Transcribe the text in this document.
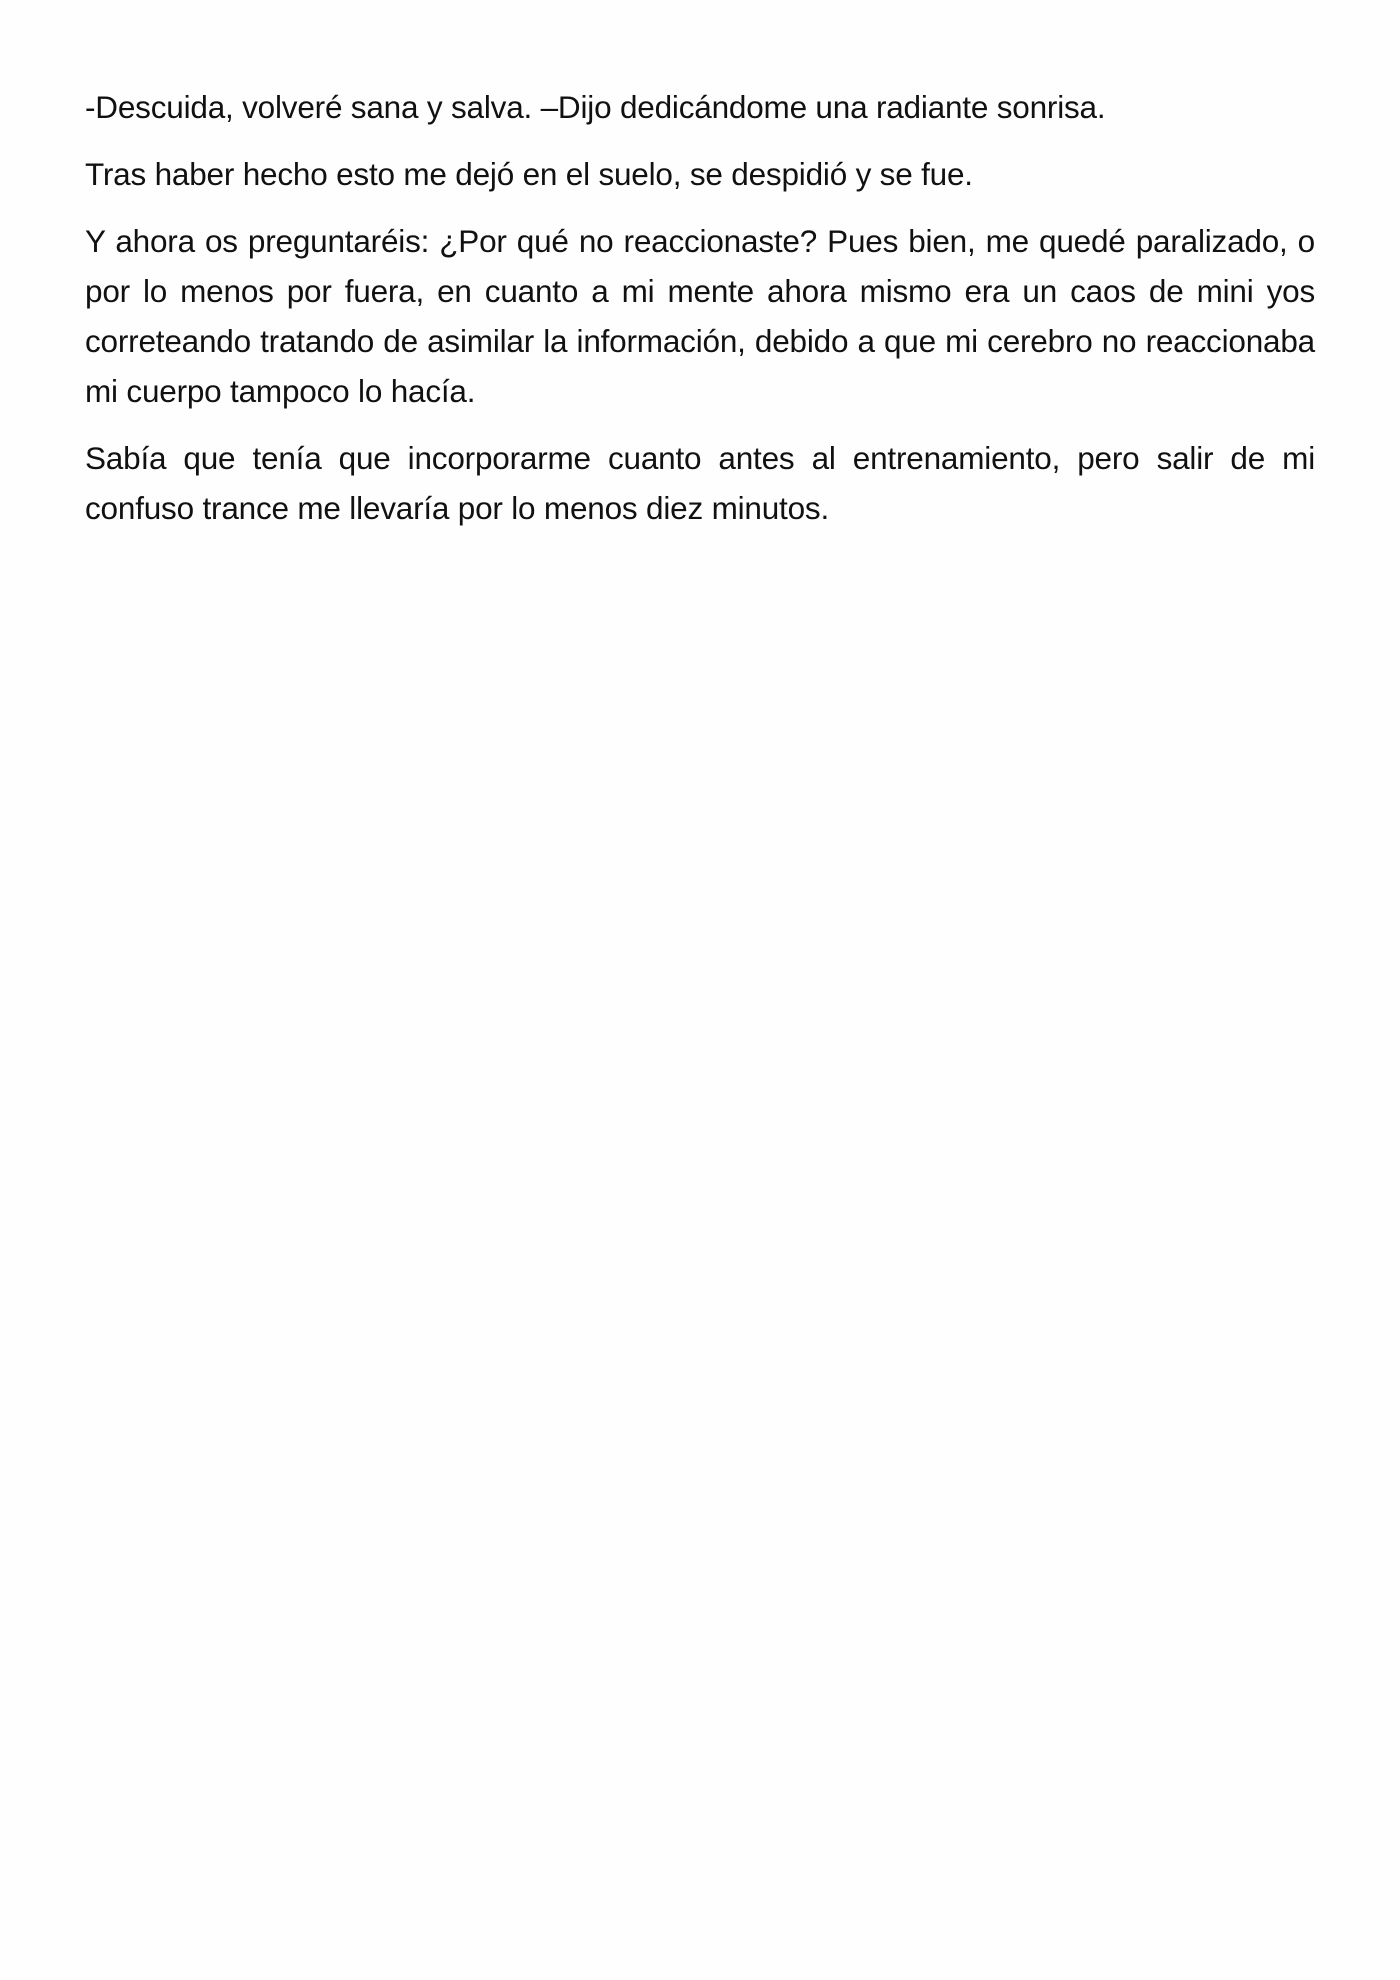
-Descuida, volveré sana y salva. –Dijo dedicándome una radiante sonrisa.

Tras haber hecho esto me dejó en el suelo, se despidió y se fue.

Y ahora os preguntaréis: ¿Por qué no reaccionaste? Pues bien, me quedé paralizado, o por lo menos por fuera, en cuanto a mi mente ahora mismo era un caos de mini yos correteando tratando de asimilar la información, debido a que mi cerebro no reaccionaba mi cuerpo tampoco lo hacía.

Sabía que tenía que incorporarme cuanto antes al entrenamiento, pero salir de mi confuso trance me llevaría por lo menos diez minutos.
